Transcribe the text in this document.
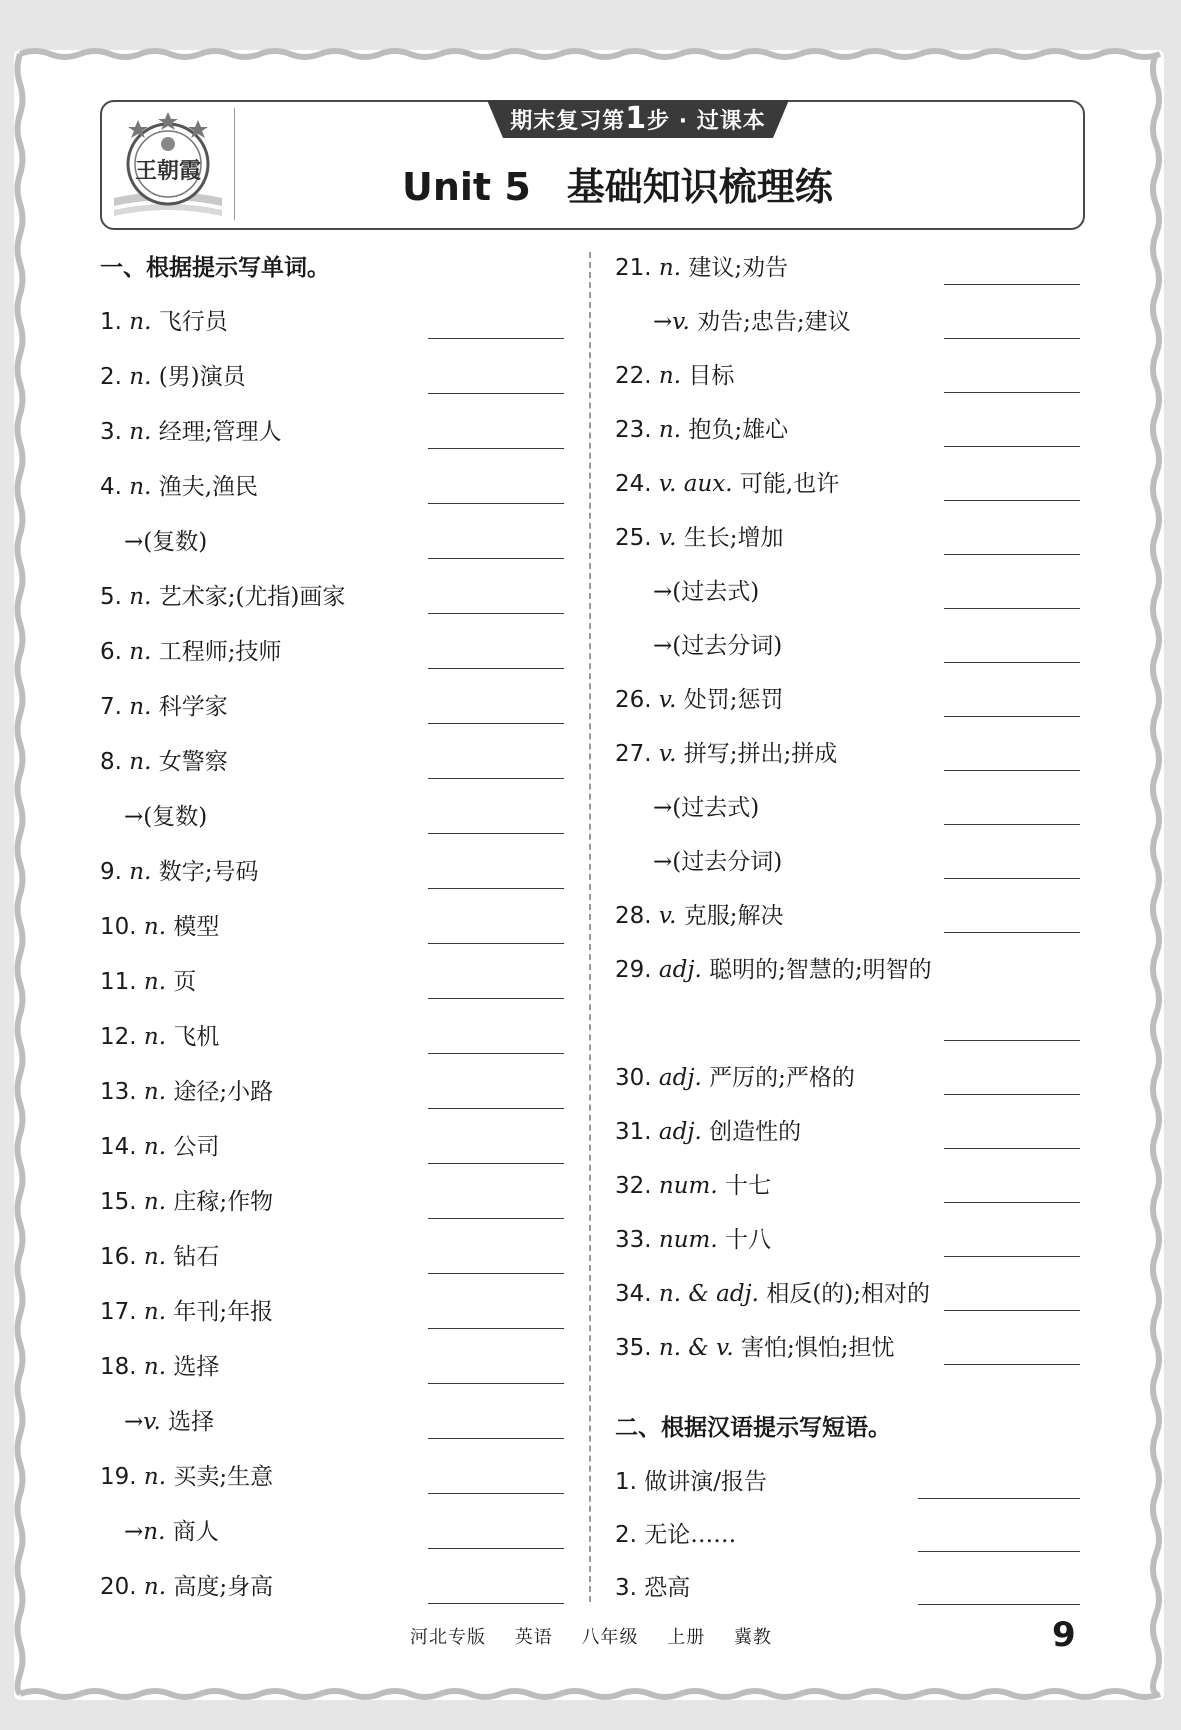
王朝霞
期末复习第1步 · 过课本
Unit 5 基础知识梳理练
一、根据提示写单词。
1. n. 飞行员
2. n. (男)演员
3. n. 经理;管理人
4. n. 渔夫,渔民
→(复数)
5. n. 艺术家;(尤指)画家
6. n. 工程师;技师
7. n. 科学家
8. n. 女警察
→(复数)
9. n. 数字;号码
10. n. 模型
11. n. 页
12. n. 飞机
13. n. 途径;小路
14. n. 公司
15. n. 庄稼;作物
16. n. 钻石
17. n. 年刊;年报
18. n. 选择
→v. 选择
19. n. 买卖;生意
→n. 商人
20. n. 高度;身高
21. n. 建议;劝告
→v. 劝告;忠告;建议
22. n. 目标
23. n. 抱负;雄心
24. v. aux. 可能,也许
25. v. 生长;增加
→(过去式)
→(过去分词)
26. v. 处罚;惩罚
27. v. 拼写;拼出;拼成
→(过去式)
→(过去分词)
28. v. 克服;解决
29. adj. 聪明的;智慧的;明智的
30. adj. 严厉的;严格的
31. adj. 创造性的
32. num. 十七
33. num. 十八
34. n. & adj. 相反(的);相对的
35. n. & v. 害怕;惧怕;担忧
二、根据汉语提示写短语。
1. 做讲演/报告
2. 无论……
3. 恐高
河北专版 英语 八年级 上册 冀教	9
